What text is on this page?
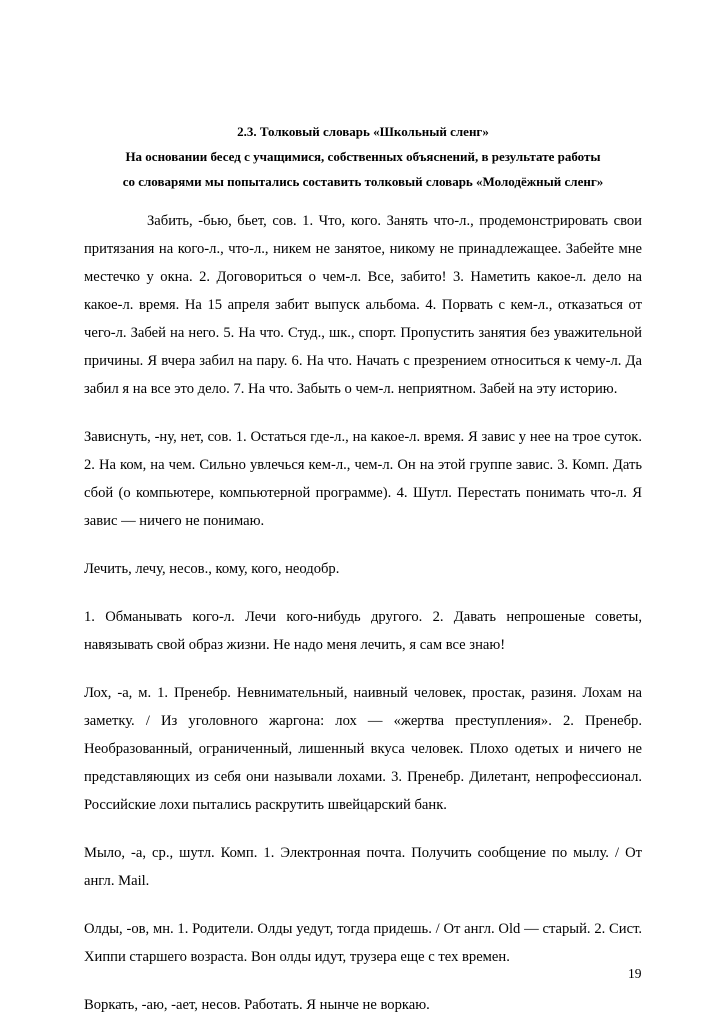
2.3. Толковый словарь «Школьный сленг»
На основании бесед с учащимися, собственных объяснений, в результате работы
со словарями мы попытались составить толковый словарь «Молодёжный сленг»

Забить, -бью, бьет, сов. 1. Что, кого. Занять что-л., продемонстрировать свои притязания на кого-л., что-л., никем не занятое, никому не принадлежащее. Забейте мне местечко у окна. 2. Договориться о чем-л. Все, забито! 3. Наметить какое-л. дело на какое-л. время. На 15 апреля забит выпуск альбома. 4. Порвать с кем-л., отказаться от чего-л. Забей на него. 5. На что. Студ., шк., спорт. Пропустить занятия без уважительной причины. Я вчера забил на пару. 6. На что. Начать с презрением относиться к чему-л. Да забил я на все это дело. 7. На что. Забыть о чем-л. неприятном. Забей на эту историю.

Зависнуть, -ну, нет, сов. 1. Остаться где-л., на какое-л. время. Я завис у нее на трое суток. 2. На ком, на чем. Сильно увлечься кем-л., чем-л. Он на этой группе завис. 3. Комп. Дать сбой (о компьютере, компьютерной программе). 4. Шутл. Перестать понимать что-л. Я завис — ничего не понимаю.

Лечить, лечу, несов., кому, кого, неодобр.

1. Обманывать кого-л. Лечи кого-нибудь другого. 2. Давать непрошеные советы, навязывать свой образ жизни. Не надо меня лечить, я сам все знаю!

Лох, -а, м. 1. Пренебр. Невнимательный, наивный человек, простак, разиня. Лохам на заметку. / Из уголовного жаргона: лох — «жертва преступления». 2. Пренебр. Необразованный, ограниченный, лишенный вкуса человек. Плохо одетых и ничего не представляющих из себя они называли лохами. 3. Пренебр. Дилетант, непрофессионал. Российские лохи пытались раскрутить швейцарский банк.

Мыло, -а, ср., шутл. Комп. 1. Электронная почта. Получить сообщение по мылу. / От англ. Mail.

Олды, -ов, мн. 1. Родители. Олды уедут, тогда придешь. / От англ. Old — старый. 2. Сист. Хиппи старшего возраста. Вон олды идут, трузера еще с тех времен.

Воркать, -аю, -ает, несов. Работать. Я нынче не воркаю.

19
